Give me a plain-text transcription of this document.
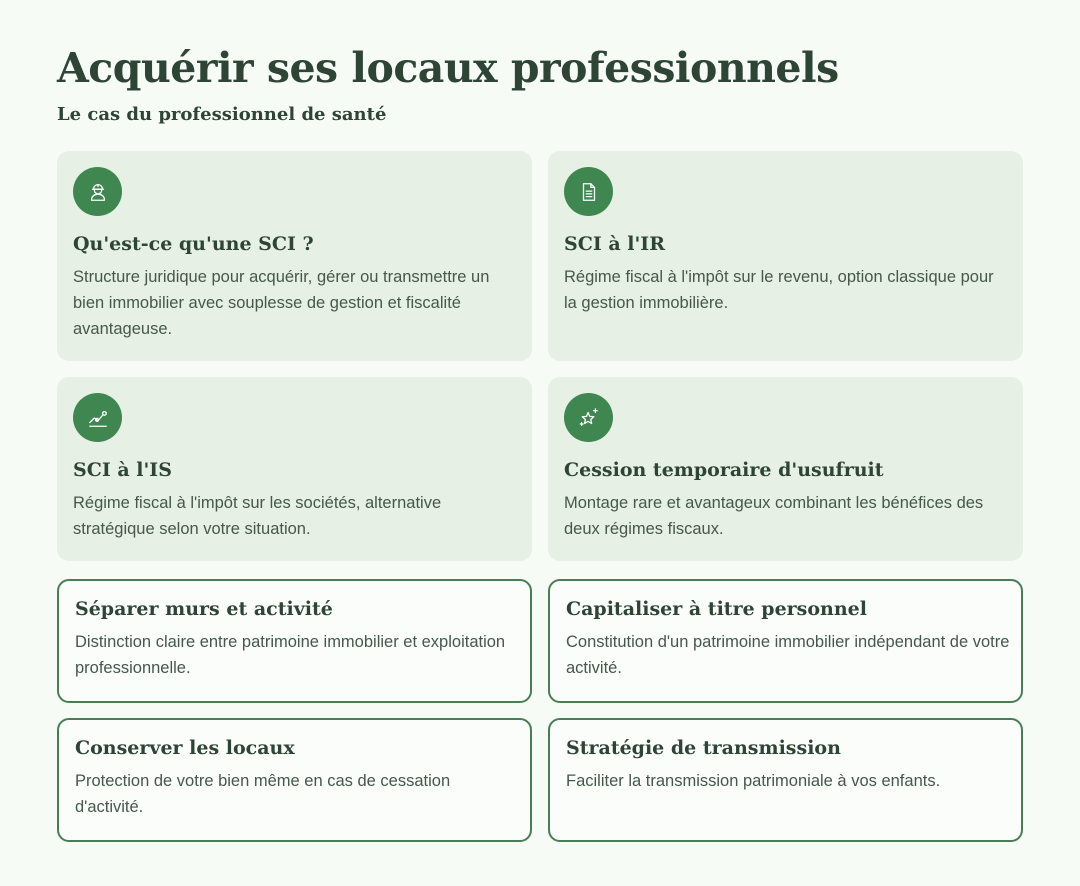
Acquérir ses locaux professionnels
Le cas du professionnel de santé
Qu'est-ce qu'une SCI ?

Structure juridique pour acquérir, gérer ou transmettre un bien immobilier avec souplesse de gestion et fiscalité avantageuse.

SCI à l'IR

Régime fiscal à l'impôt sur le revenu, option classique pour la gestion immobilière.

SCI à l'IS

Régime fiscal à l'impôt sur les sociétés, alternative stratégique selon votre situation.

Cession temporaire d'usufruit

Montage rare et avantageux combinant les bénéfices des deux régimes fiscaux.

Séparer murs et activité

Distinction claire entre patrimoine immobilier et exploitation professionnelle.

Capitaliser à titre personnel

Constitution d'un patrimoine immobilier indépendant de votre activité.

Conserver les locaux

Protection de votre bien même en cas de cessation d'activité.

Stratégie de transmission

Faciliter la transmission patrimoniale à vos enfants.
